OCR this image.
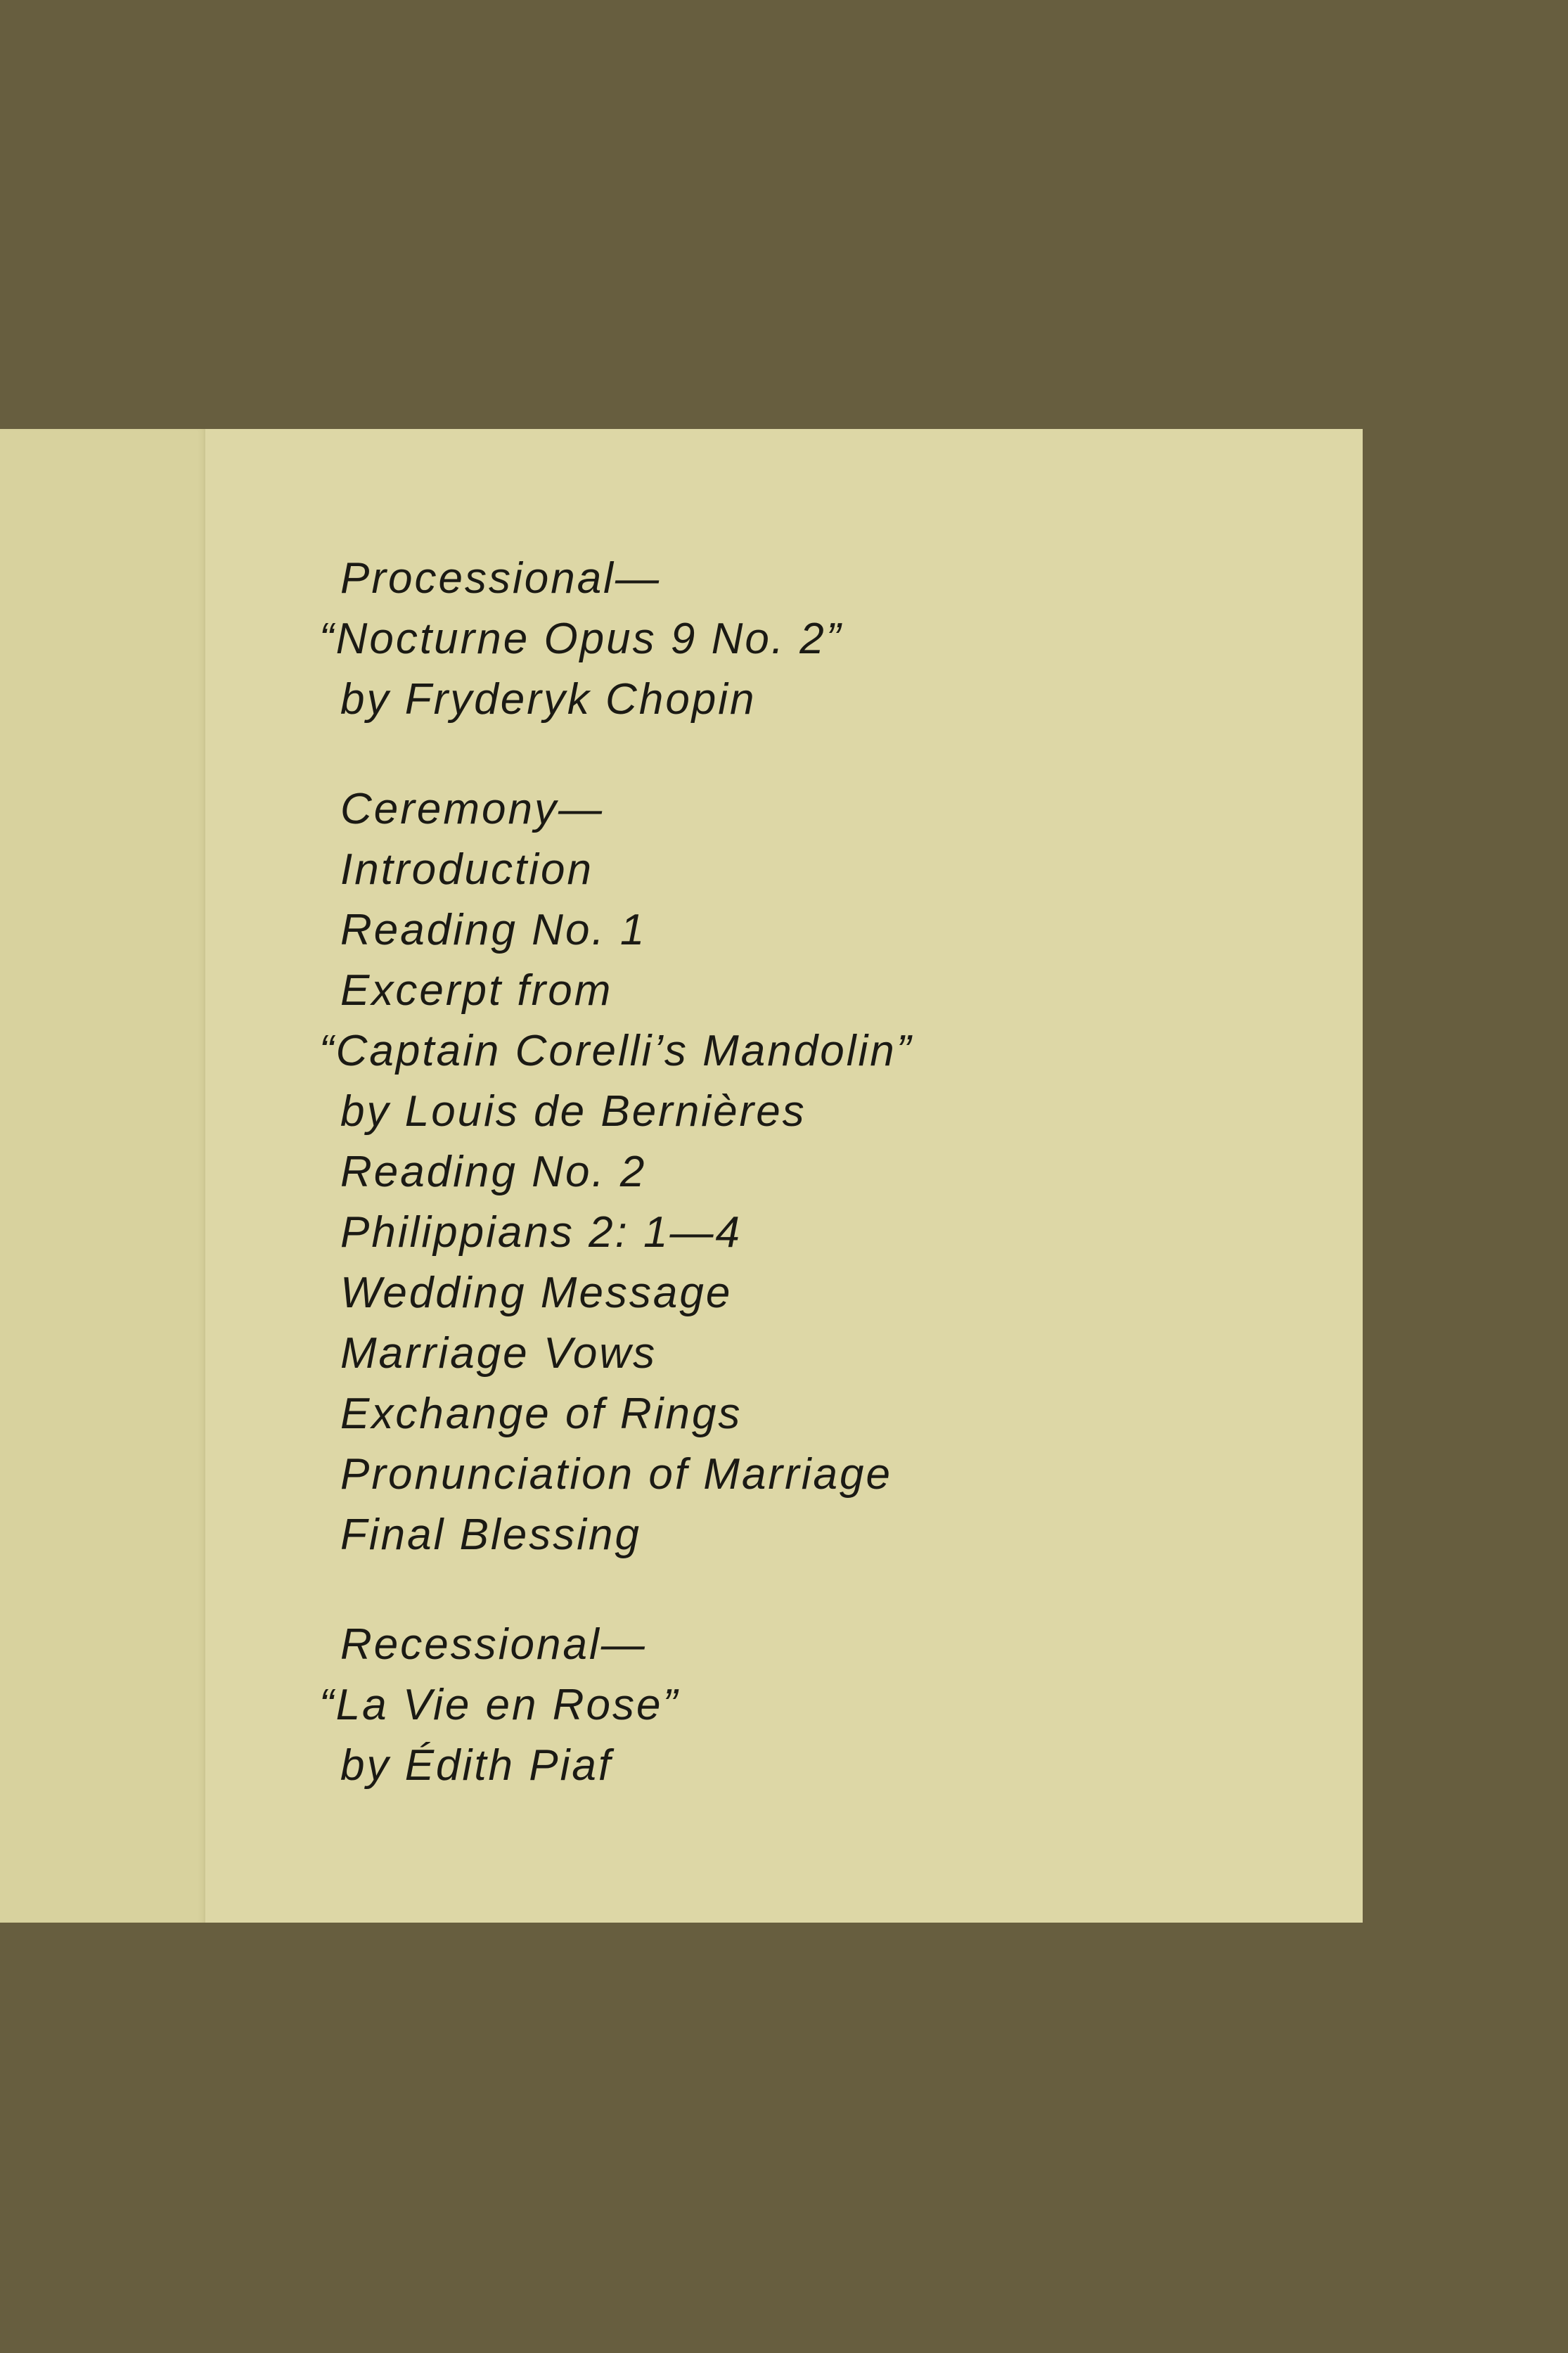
Processional—
“Nocturne Opus 9 No. 2”
by Fryderyk Chopin
Ceremony—
Introduction
Reading No. 1
Excerpt from
“Captain Corelli’s Mandolin”
by Louis de Bernières
Reading No. 2
Philippians 2: 1—4
Wedding Message
Marriage Vows
Exchange of Rings
Pronunciation of Marriage
Final Blessing
Recessional—
“La Vie en Rose”
by Édith Piaf
